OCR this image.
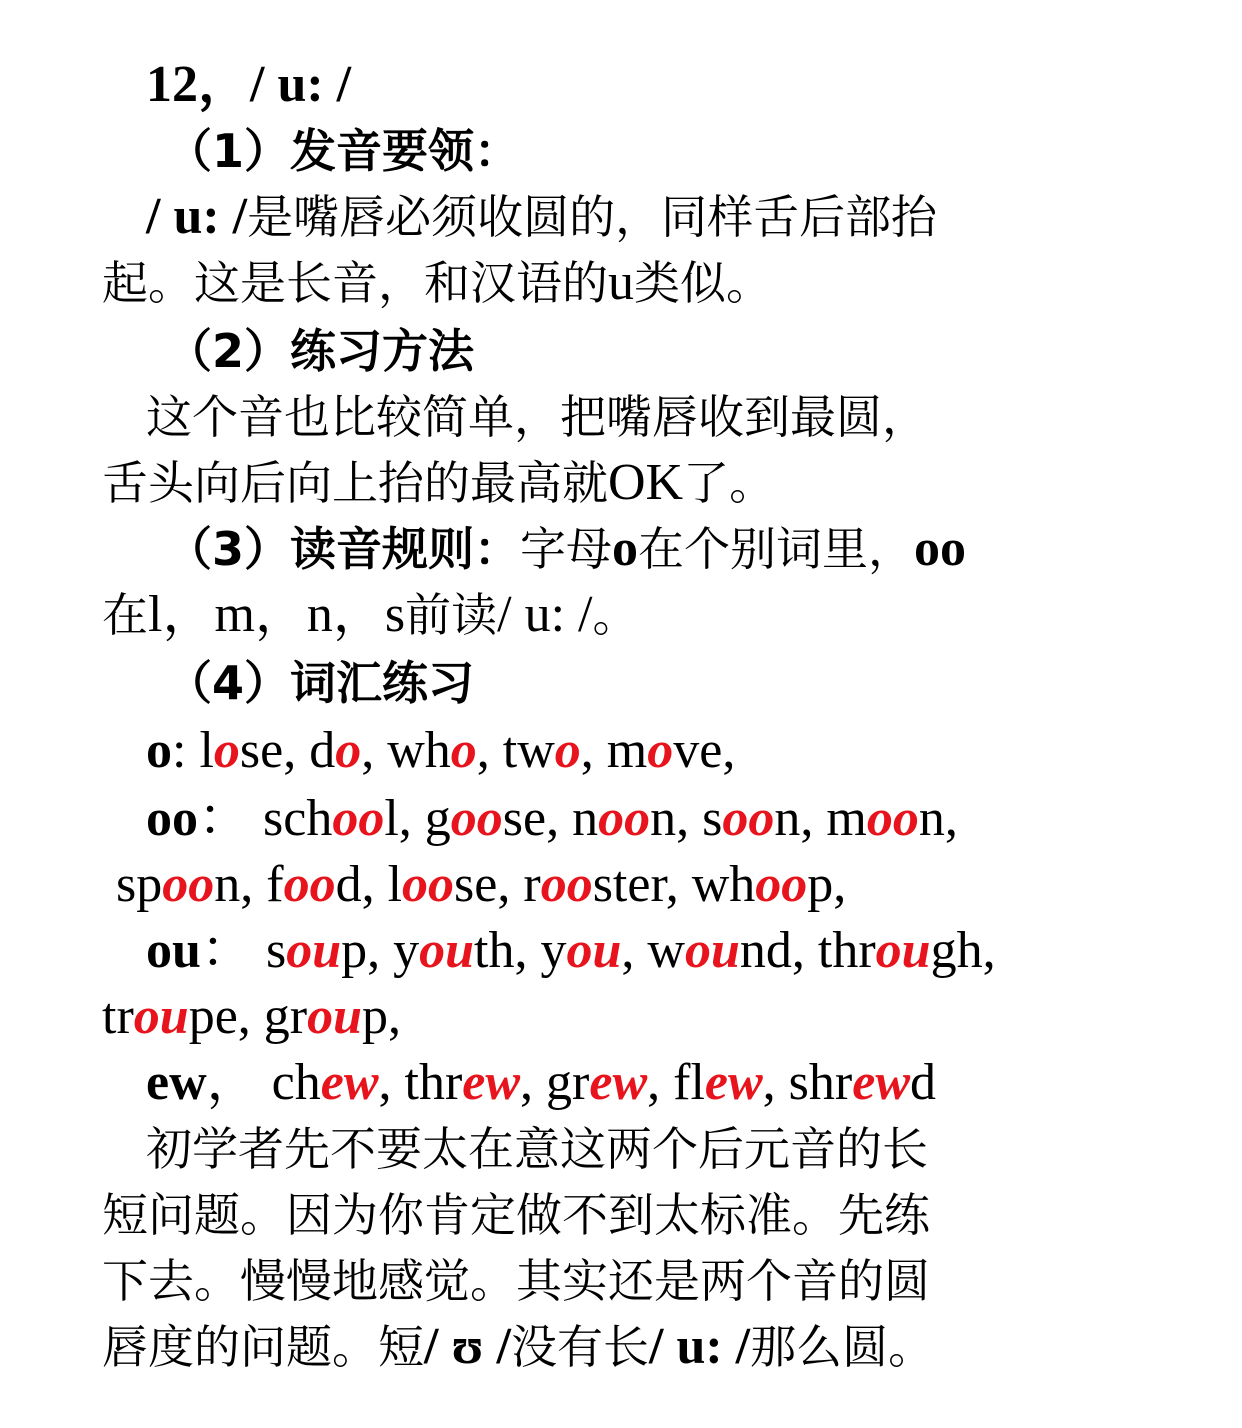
12，/ u: /
（1）发音要领：
/ u: /是嘴唇必须收圆的，同样舌后部抬
起。这是长音，和汉语的u类似。
（2）练习方法
这个音也比较简单，把嘴唇收到最圆，
舌头向后向上抬的最高就OK了。
（3）读音规则：字母o在个别词里，oo
在l，m，n，s前读/ u: /。
（4）词汇练习
o: lose, do, who, two, move,
oo： school, goose, noon, soon, moon,
spoon, food, loose, rooster, whoop,
ou： soup, youth, you, wound, through,
troupe, group,
ew， chew, threw, grew, flew, shrewd
初学者先不要太在意这两个后元音的长
短问题。因为你肯定做不到太标准。先练
下去。慢慢地感觉。其实还是两个音的圆
唇度的问题。短/ ʊ /没有长/ u: /那么圆。
